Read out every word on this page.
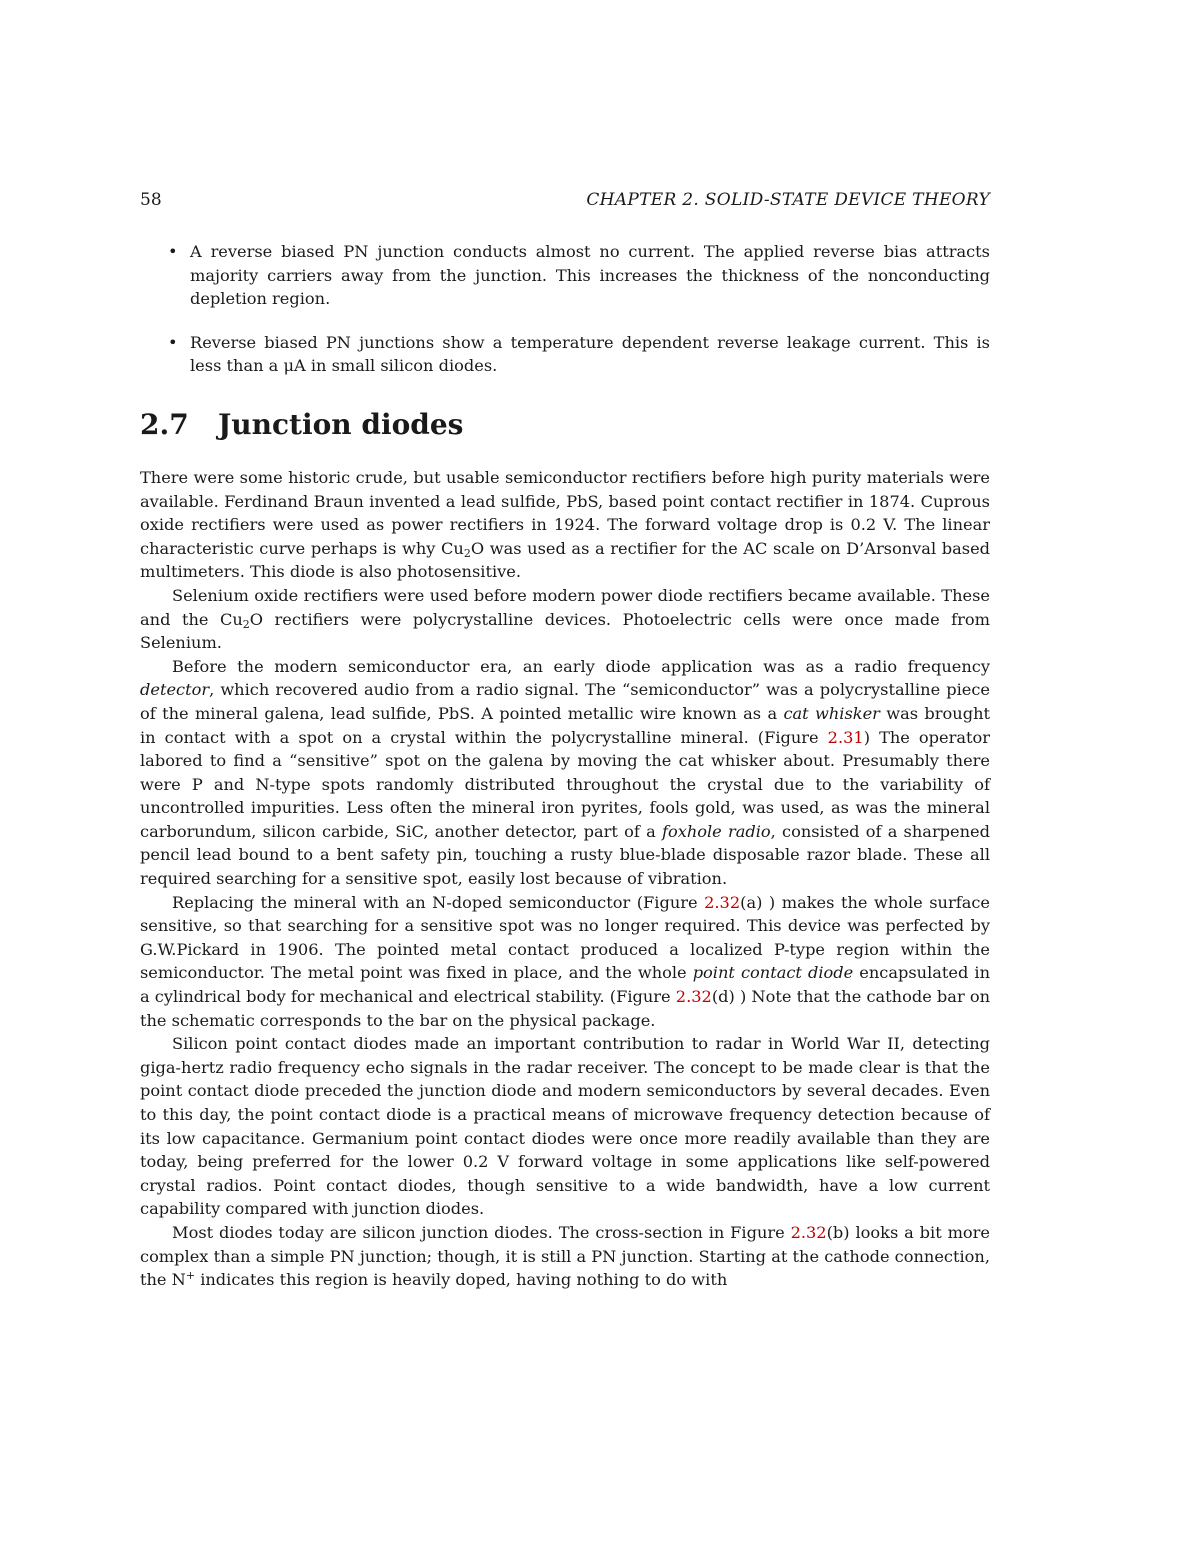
58	CHAPTER 2. SOLID-STATE DEVICE THEORY
• A reverse biased PN junction conducts almost no current. The applied reverse bias attracts majority carriers away from the junction. This increases the thickness of the nonconducting depletion region.
• Reverse biased PN junctions show a temperature dependent reverse leakage current. This is less than a μA in small silicon diodes.
2.7 Junction diodes

There were some historic crude, but usable semiconductor rectifiers before high purity materials were available. Ferdinand Braun invented a lead sulfide, PbS, based point contact rectifier in 1874. Cuprous oxide rectifiers were used as power rectifiers in 1924. The forward voltage drop is 0.2 V. The linear characteristic curve perhaps is why $Cu_2O$ was used as a rectifier for the AC scale on D’Arsonval based multimeters. This diode is also photosensitive.

Selenium oxide rectifiers were used before modern power diode rectifiers became available. These and the $Cu_2O$ rectifiers were polycrystalline devices. Photoelectric cells were once made from Selenium.

Before the modern semiconductor era, an early diode application was as a radio frequency detector, which recovered audio from a radio signal. The “semiconductor” was a polycrystalline piece of the mineral galena, lead sulfide, PbS. A pointed metallic wire known as a cat whisker was brought in contact with a spot on a crystal within the polycrystalline mineral. (Figure 2.31) The operator labored to find a “sensitive” spot on the galena by moving the cat whisker about. Presumably there were P and N-type spots randomly distributed throughout the crystal due to the variability of uncontrolled impurities. Less often the mineral iron pyrites, fools gold, was used, as was the mineral carborundum, silicon carbide, SiC, another detector, part of a foxhole radio, consisted of a sharpened pencil lead bound to a bent safety pin, touching a rusty blue-blade disposable razor blade. These all required searching for a sensitive spot, easily lost because of vibration.

Replacing the mineral with an N-doped semiconductor (Figure 2.32(a) ) makes the whole surface sensitive, so that searching for a sensitive spot was no longer required. This device was perfected by G.W.Pickard in 1906. The pointed metal contact produced a localized P-type region within the semiconductor. The metal point was fixed in place, and the whole point contact diode encapsulated in a cylindrical body for mechanical and electrical stability. (Figure 2.32(d) ) Note that the cathode bar on the schematic corresponds to the bar on the physical package.

Silicon point contact diodes made an important contribution to radar in World War II, detecting giga-hertz radio frequency echo signals in the radar receiver. The concept to be made clear is that the point contact diode preceded the junction diode and modern semiconductors by several decades. Even to this day, the point contact diode is a practical means of microwave frequency detection because of its low capacitance. Germanium point contact diodes were once more readily available than they are today, being preferred for the lower 0.2 V forward voltage in some applications like self-powered crystal radios. Point contact diodes, though sensitive to a wide bandwidth, have a low current capability compared with junction diodes.

Most diodes today are silicon junction diodes. The cross-section in Figure 2.32(b) looks a bit more complex than a simple PN junction; though, it is still a PN junction. Starting at the cathode connection, the N+ indicates this region is heavily doped, having nothing to do with
